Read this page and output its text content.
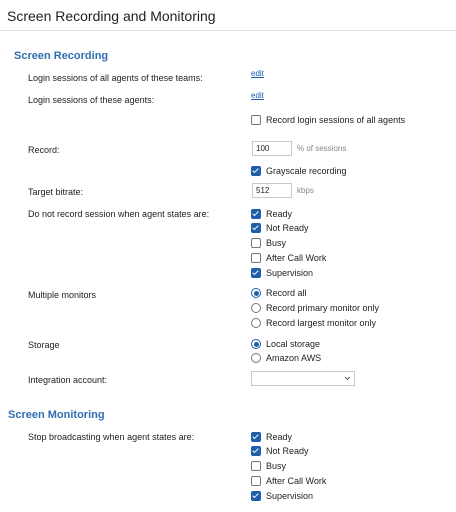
Screen Recording and Monitoring
Screen Recording
Login sessions of all agents of these teams:	edit
Login sessions of these agents:	edit
Record login sessions of all agents
Record:
100	% of sessions
Grayscale recording
Target bitrate:
512	kbps
Do not record session when agent states are:	Ready
Not Ready
Busy
After Call Work
Supervision
Multiple monitors	Record all
Record primary monitor only
Record largest monitor only
Storage	Local storage
Amazon AWS
Integration account:
Screen Monitoring
Stop broadcasting when agent states are:	Ready
Not Ready
Busy
After Call Work
Supervision
